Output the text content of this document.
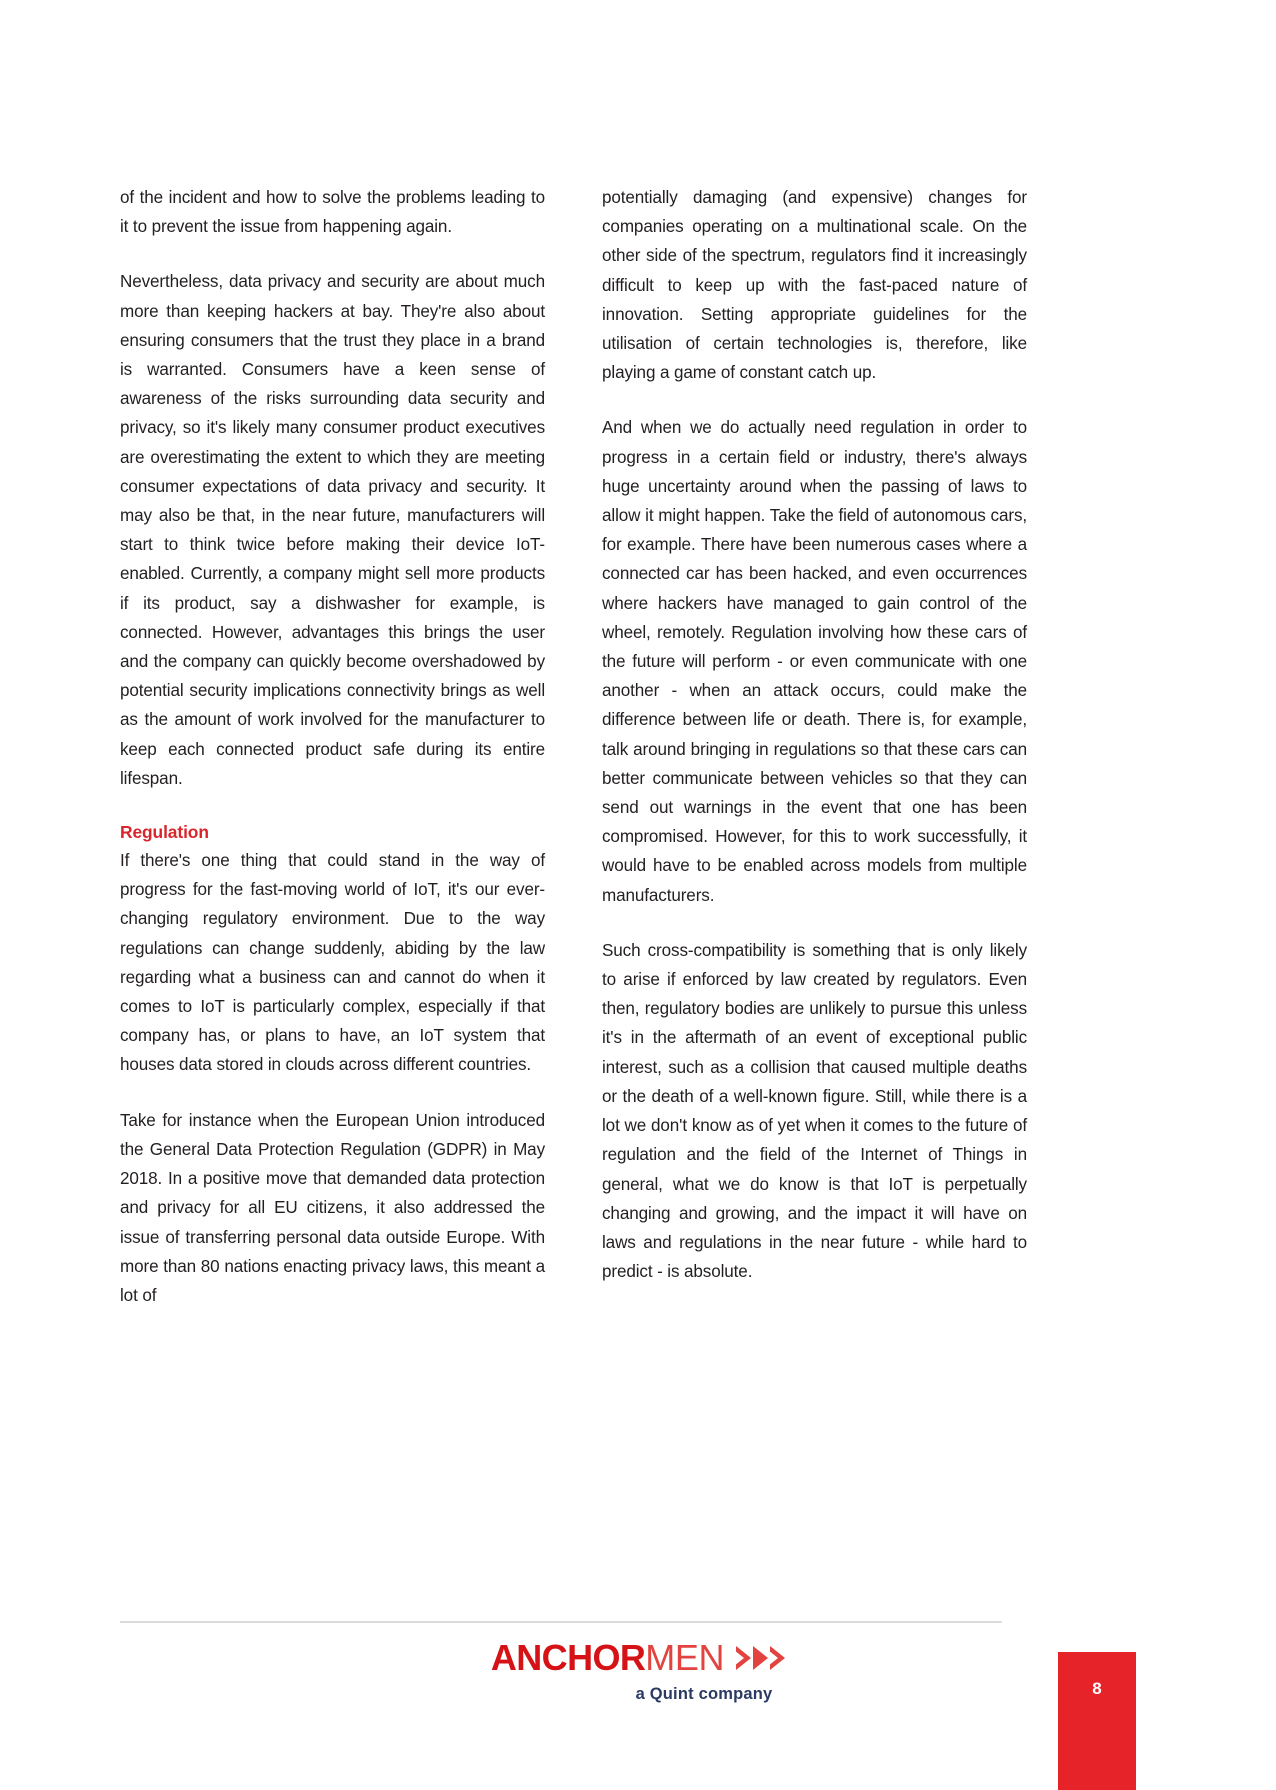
of the incident and how to solve the problems leading to it to prevent the issue from happening again.

Nevertheless, data privacy and security are about much more than keeping hackers at bay. They're also about ensuring consumers that the trust they place in a brand is warranted. Consumers have a keen sense of awareness of the risks surrounding data security and privacy, so it's likely many consumer product executives are overestimating the extent to which they are meeting consumer expectations of data privacy and security. It may also be that, in the near future, manufacturers will start to think twice before making their device IoT-enabled. Currently, a company might sell more products if its product, say a dishwasher for example, is connected. However, advantages this brings the user and the company can quickly become overshadowed by potential security implications connectivity brings as well as the amount of work involved for the manufacturer to keep each connected product safe during its entire lifespan.

Regulation

If there's one thing that could stand in the way of progress for the fast-moving world of IoT, it's our ever-changing regulatory environment. Due to the way regulations can change suddenly, abiding by the law regarding what a business can and cannot do when it comes to IoT is particularly complex, especially if that company has, or plans to have, an IoT system that houses data stored in clouds across different countries.

Take for instance when the European Union introduced the General Data Protection Regulation (GDPR) in May 2018. In a positive move that demanded data protection and privacy for all EU citizens, it also addressed the issue of transferring personal data outside Europe. With more than 80 nations enacting privacy laws, this meant a lot of

potentially damaging (and expensive) changes for companies operating on a multinational scale. On the other side of the spectrum, regulators find it increasingly difficult to keep up with the fast-paced nature of innovation. Setting appropriate guidelines for the utilisation of certain technologies is, therefore, like playing a game of constant catch up.

And when we do actually need regulation in order to progress in a certain field or industry, there's always huge uncertainty around when the passing of laws to allow it might happen. Take the field of autonomous cars, for example. There have been numerous cases where a connected car has been hacked, and even occurrences where hackers have managed to gain control of the wheel, remotely. Regulation involving how these cars of the future will perform - or even communicate with one another - when an attack occurs, could make the difference between life or death. There is, for example, talk around bringing in regulations so that these cars can better communicate between vehicles so that they can send out warnings in the event that one has been compromised. However, for this to work successfully, it would have to be enabled across models from multiple manufacturers.

Such cross-compatibility is something that is only likely to arise if enforced by law created by regulators. Even then, regulatory bodies are unlikely to pursue this unless it's in the aftermath of an event of exceptional public interest, such as a collision that caused multiple deaths or the death of a well-known figure. Still, while there is a lot we don't know as of yet when it comes to the future of regulation and the field of the Internet of Things in general, what we do know is that IoT is perpetually changing and growing, and the impact it will have on laws and regulations in the near future - while hard to predict - is absolute.

ANCHOR MEN
a Quint company	8
